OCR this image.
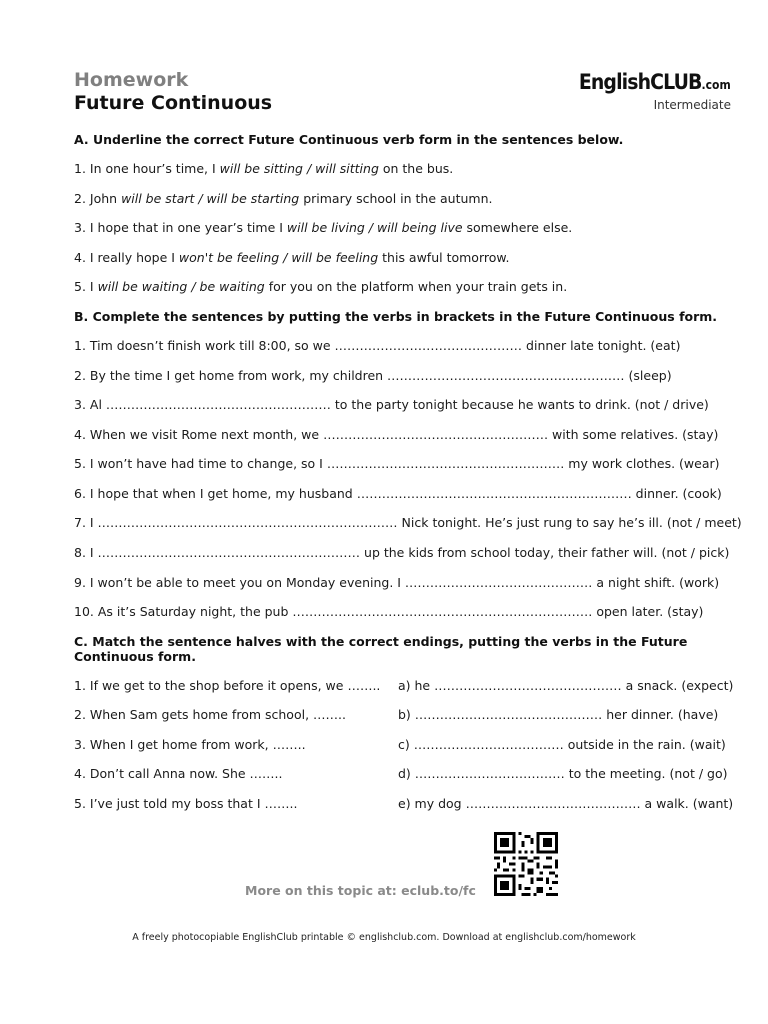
Homework
Future Continuous
EnglishCLUB.com
Intermediate
A. Underline the correct Future Continuous verb form in the sentences below.
1. In one hour’s time, I will be sitting / will sitting on the bus.
2. John will be start / will be starting primary school in the autumn.
3. I hope that in one year’s time I will be living / will being live somewhere else.
4. I really hope I won't be feeling / will be feeling this awful tomorrow.
5. I will be waiting / be waiting for you on the platform when your train gets in.
B. Complete the sentences by putting the verbs in brackets in the Future Continuous form.
1. Tim doesn’t finish work till 8:00, so we ……………………………………… dinner late tonight. (eat)
2. By the time I get home from work, my children ………………………………………………… (sleep)
3. Al ……………………………………………… to the party tonight because he wants to drink. (not / drive)
4. When we visit Rome next month, we ……………………………………………… with some relatives. (stay)
5. I won’t have had time to change, so I ………………………………………………… my work clothes. (wear)
6. I hope that when I get home, my husband ………………………………………………………… dinner. (cook)
7. I ……………………………………………………………… Nick tonight. He’s just rung to say he’s ill. (not / meet)
8. I ……………………………………………………… up the kids from school today, their father will. (not / pick)
9. I won’t be able to meet you on Monday evening. I ……………………………………… a night shift. (work)
10. As it’s Saturday night, the pub ……………………………………………………………… open later. (stay)
C. Match the sentence halves with the correct endings, putting the verbs in the Future Continuous form.
1. If we get to the shop before it opens, we …….. a) he ……………………………………… a snack. (expect)
2. When Sam gets home from school, ……..	b) ……………………………………… her dinner. (have)
3. When I get home from work, ……..	c) ……………………………… outside in the rain. (wait)
4. Don’t call Anna now. She ……..	d) ……………………………… to the meeting. (not / go)
5. I’ve just told my boss that I ……..	e) my dog …………………………………… a walk. (want)
More on this topic at: eclub.to/fc
A freely photocopiable EnglishClub printable © englishclub.com. Download at englishclub.com/homework
